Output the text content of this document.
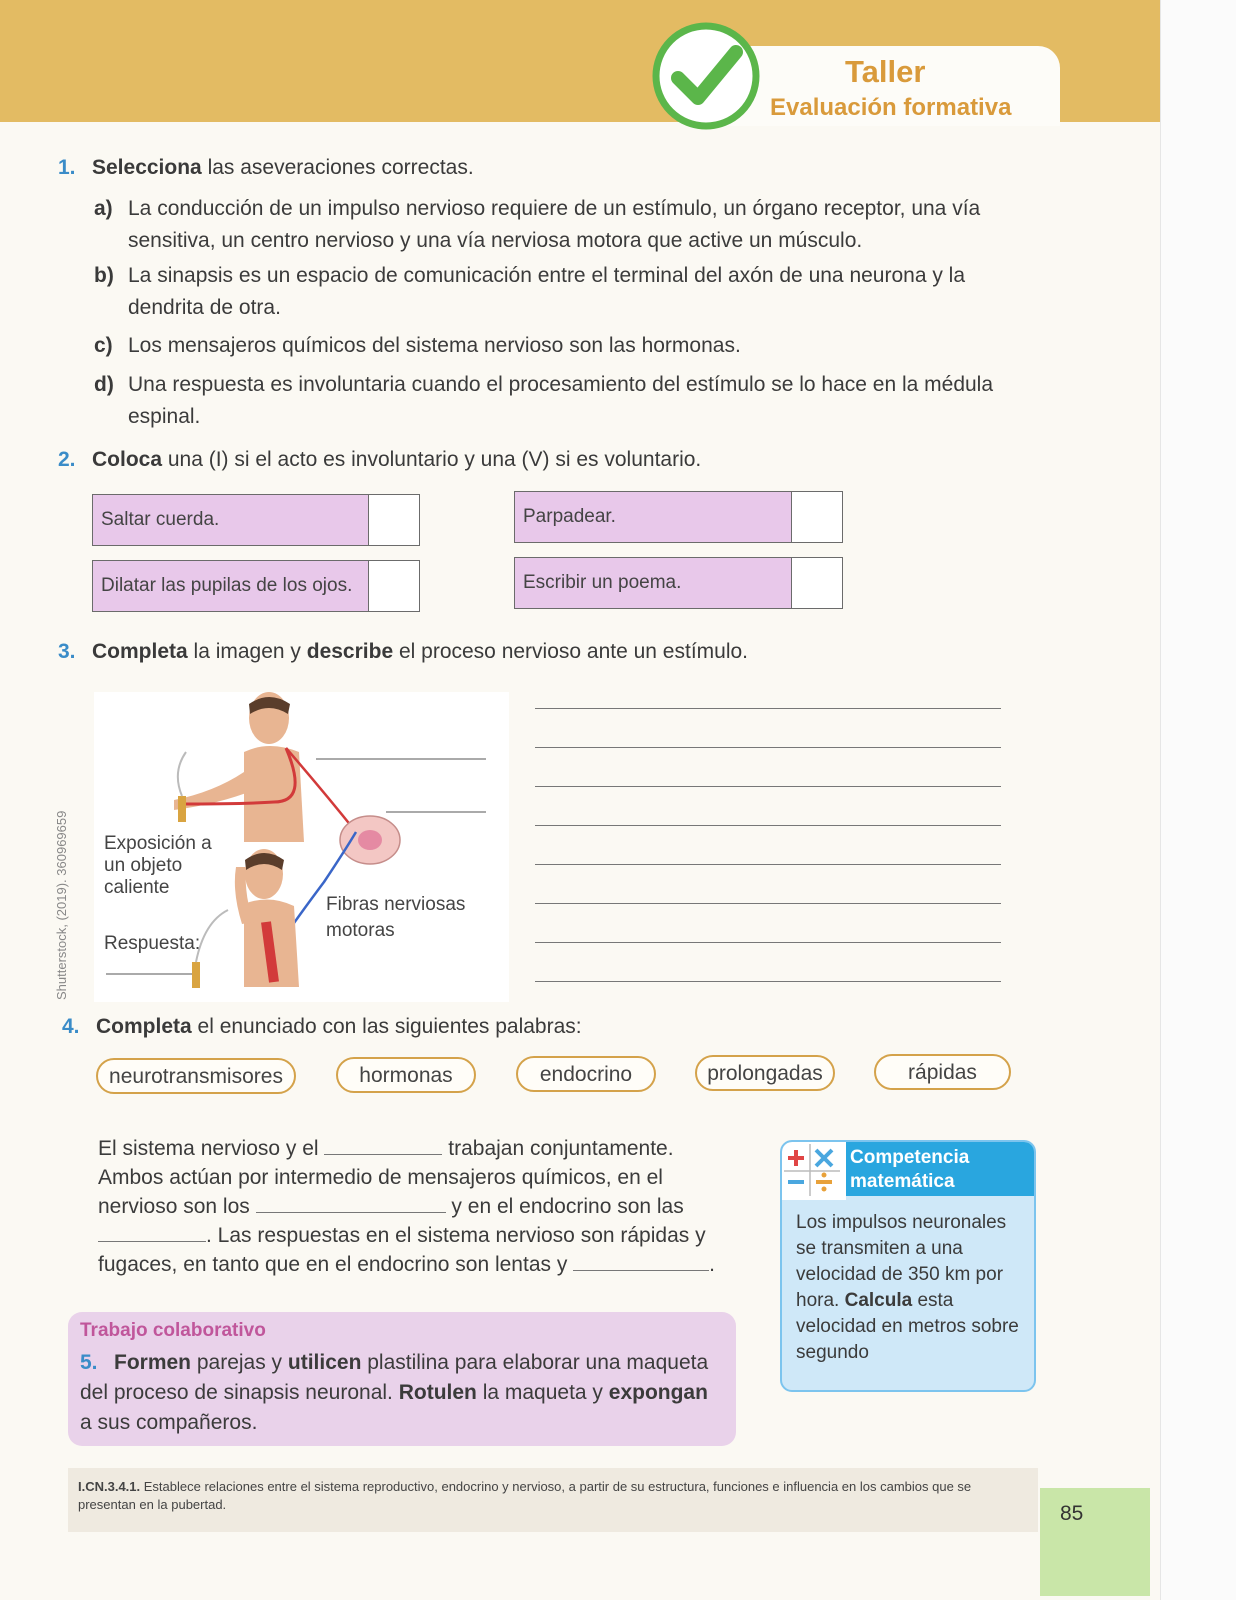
Taller
Evaluación formativa
1. Selecciona las aseveraciones correctas.
a) La conducción de un impulso nervioso requiere de un estímulo, un órgano receptor, una vía sensitiva, un centro nervioso y una vía nerviosa motora que active un músculo.
b) La sinapsis es un espacio de comunicación entre el terminal del axón de una neurona y la dendrita de otra.
c) Los mensajeros químicos del sistema nervioso son las hormonas.
d) Una respuesta es involuntaria cuando el procesamiento del estímulo se lo hace en la médula espinal.
2. Coloca una (I) si el acto es involuntario y una (V) si es voluntario.
Saltar cuerda.	Parpadear.
Dilatar las pupilas de los ojos.	Escribir un poema.
3. Completa la imagen y describe el proceso nervioso ante un estímulo.
Exposición a un objeto caliente
Respuesta:
Fibras nerviosas motoras
Shutterstock, (2019). 360969659
4. Completa el enunciado con las siguientes palabras:
neurotransmisores	hormonas	endocrino	prolongadas	rápidas
El sistema nervioso y el	trabajan conjuntamente. Ambos actúan por intermedio de mensajeros químicos, en el nervioso son los	y en el endocrino son las . Las respuestas en el sistema nervioso son rápidas y fugaces, en tanto que en el endocrino son lentas y	.
Trabajo colaborativo
5. Formen parejas y utilicen plastilina para elaborar una maqueta del proceso de sinapsis neuronal. Rotulen la maqueta y expongan a sus compañeros.
Competencia
matemática
Los impulsos neuronales se transmiten a una velocidad de 350 km por hora. Calcula esta velocidad en metros sobre segundo
I.CN.3.4.1. Establece relaciones entre el sistema reproductivo, endocrino y nervioso, a partir de su estructura, funciones e influencia en los cambios que se presentan en la pubertad.	85
